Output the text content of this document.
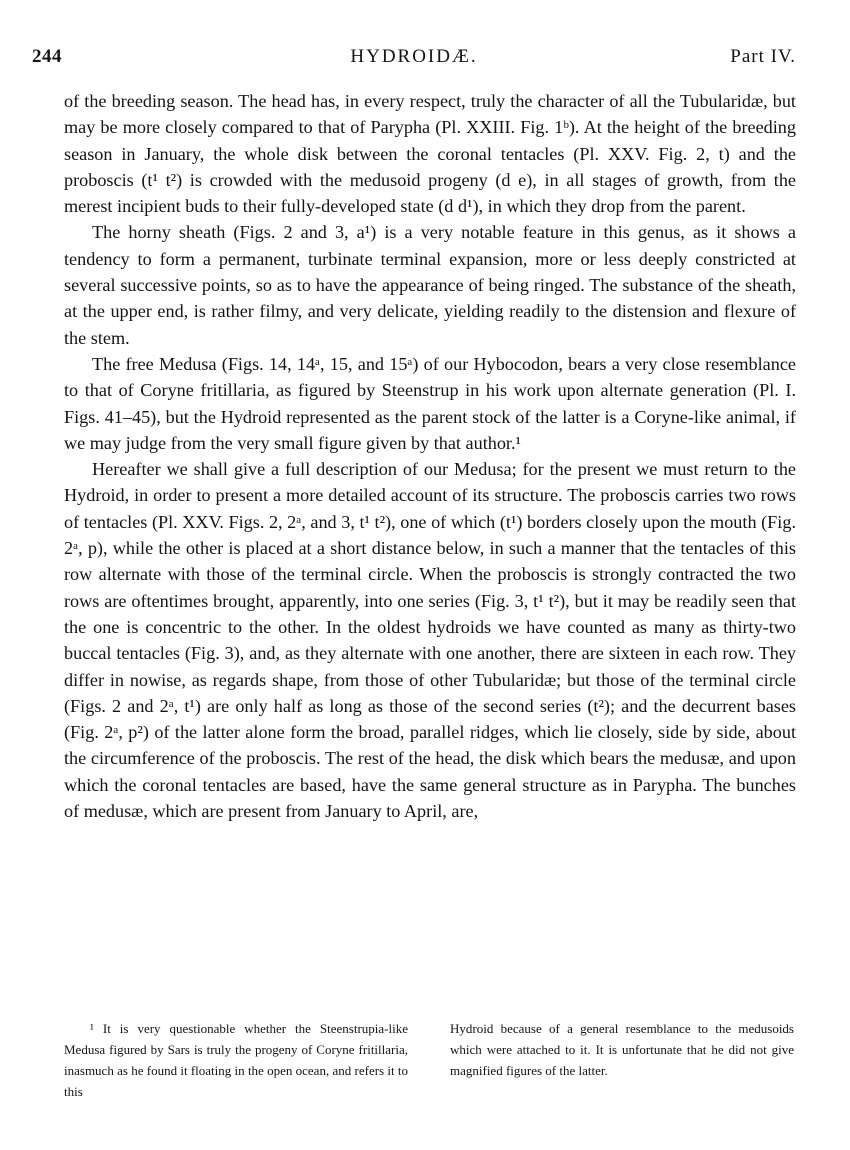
244	HYDROIDÆ.	Part IV.

of the breeding season. The head has, in every respect, truly the character of all the Tubularidæ, but may be more closely compared to that of Parypha (Pl. XXIII. Fig. 1ᵇ). At the height of the breeding season in January, the whole disk between the coronal tentacles (Pl. XXV. Fig. 2, t) and the proboscis (t¹ t²) is crowded with the medusoid progeny (d e), in all stages of growth, from the merest incipient buds to their fully-developed state (d d¹), in which they drop from the parent.

The horny sheath (Figs. 2 and 3, a¹) is a very notable feature in this genus, as it shows a tendency to form a permanent, turbinate terminal expansion, more or less deeply constricted at several successive points, so as to have the appearance of being ringed. The substance of the sheath, at the upper end, is rather filmy, and very delicate, yielding readily to the distension and flexure of the stem.

The free Medusa (Figs. 14, 14ᵃ, 15, and 15ᵃ) of our Hybocodon, bears a very close resemblance to that of Coryne fritillaria, as figured by Steenstrup in his work upon alternate generation (Pl. I. Figs. 41–45), but the Hydroid represented as the parent stock of the latter is a Coryne-like animal, if we may judge from the very small figure given by that author.¹

Hereafter we shall give a full description of our Medusa; for the present we must return to the Hydroid, in order to present a more detailed account of its structure. The proboscis carries two rows of tentacles (Pl. XXV. Figs. 2, 2ᵃ, and 3, t¹ t²), one of which (t¹) borders closely upon the mouth (Fig. 2ᵃ, p), while the other is placed at a short distance below, in such a manner that the tentacles of this row alternate with those of the terminal circle. When the proboscis is strongly contracted the two rows are oftentimes brought, apparently, into one series (Fig. 3, t¹ t²), but it may be readily seen that the one is concentric to the other. In the oldest hydroids we have counted as many as thirty-two buccal tentacles (Fig. 3), and, as they alternate with one another, there are sixteen in each row. They differ in nowise, as regards shape, from those of other Tubularidæ; but those of the terminal circle (Figs. 2 and 2ᵃ, t¹) are only half as long as those of the second series (t²); and the decurrent bases (Fig. 2ᵃ, p²) of the latter alone form the broad, parallel ridges, which lie closely, side by side, about the circumference of the proboscis. The rest of the head, the disk which bears the medusæ, and upon which the coronal tentacles are based, have the same general structure as in Parypha. The bunches of medusæ, which are present from January to April, are,

¹ It is very questionable whether the Steenstrupia-like Medusa figured by Sars is truly the progeny of Coryne fritillaria, inasmuch as he found it floating in the open ocean, and refers it to this

Hydroid because of a general resemblance to the medusoids which were attached to it. It is unfortunate that he did not give magnified figures of the latter.
